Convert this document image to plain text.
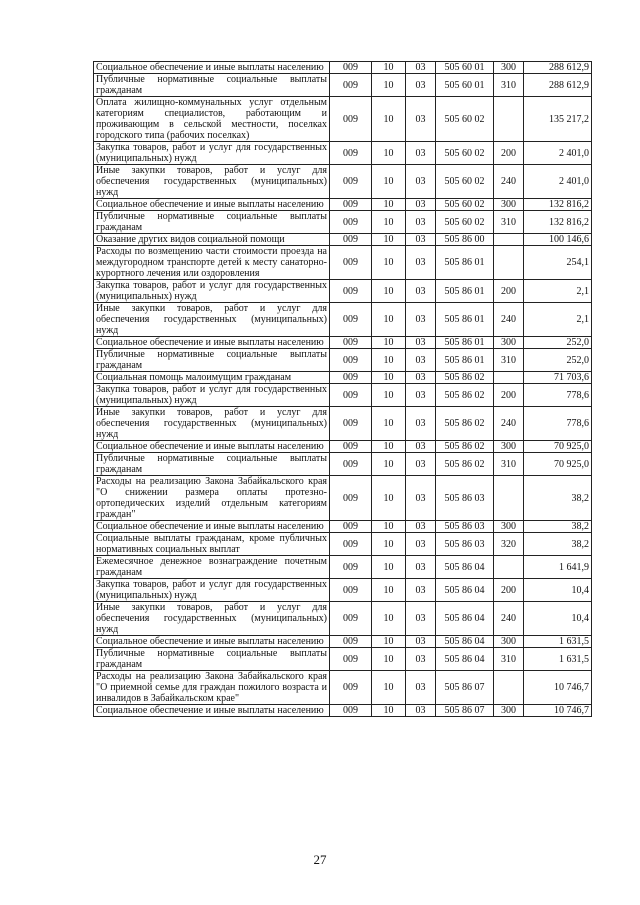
Социальное обеспечение и иные выплаты населению	009	10	03	505 60 01	300	288 612,9
Публичные нормативные социальные выплаты гражданам	009	10	03	505 60 01	310	288 612,9
Оплата жилищно-коммунальных услуг отдельным категориям специалистов, работающим и проживающим в сельской местности, поселках городского типа (рабочих поселках)	009	10	03	505 60 02		135 217,2
Закупка товаров, работ и услуг для государственных (муниципальных) нужд	009	10	03	505 60 02	200	2 401,0
Иные закупки товаров, работ и услуг для обеспечения государственных (муниципальных) нужд	009	10	03	505 60 02	240	2 401,0
Социальное обеспечение и иные выплаты населению	009	10	03	505 60 02	300	132 816,2
Публичные нормативные социальные выплаты гражданам	009	10	03	505 60 02	310	132 816,2
Оказание других видов социальной помощи	009	10	03	505 86 00		100 146,6
Расходы по возмещению части стоимости проезда на междугородном транспорте детей к месту санаторно-курортного лечения или оздоровления	009	10	03	505 86 01		254,1
Закупка товаров, работ и услуг для государственных (муниципальных) нужд	009	10	03	505 86 01	200	2,1
Иные закупки товаров, работ и услуг для обеспечения государственных (муниципальных) нужд	009	10	03	505 86 01	240	2,1
Социальное обеспечение и иные выплаты населению	009	10	03	505 86 01	300	252,0
Публичные нормативные социальные выплаты гражданам	009	10	03	505 86 01	310	252,0
Социальная помощь малоимущим гражданам	009	10	03	505 86 02		71 703,6
Закупка товаров, работ и услуг для государственных (муниципальных) нужд	009	10	03	505 86 02	200	778,6
Иные закупки товаров, работ и услуг для обеспечения государственных (муниципальных) нужд	009	10	03	505 86 02	240	778,6
Социальное обеспечение и иные выплаты населению	009	10	03	505 86 02	300	70 925,0
Публичные нормативные социальные выплаты гражданам	009	10	03	505 86 02	310	70 925,0
Расходы на реализацию Закона Забайкальского края "О снижении размера оплаты протезно-ортопедических изделий отдельным категориям граждан"	009	10	03	505 86 03		38,2
Социальное обеспечение и иные выплаты населению	009	10	03	505 86 03	300	38,2
Социальные выплаты гражданам, кроме публичных нормативных социальных выплат	009	10	03	505 86 03	320	38,2
Ежемесячное денежное вознаграждение почетным гражданам	009	10	03	505 86 04		1 641,9
Закупка товаров, работ и услуг для государственных (муниципальных) нужд	009	10	03	505 86 04	200	10,4
Иные закупки товаров, работ и услуг для обеспечения государственных (муниципальных) нужд	009	10	03	505 86 04	240	10,4
Социальное обеспечение и иные выплаты населению	009	10	03	505 86 04	300	1 631,5
Публичные нормативные социальные выплаты гражданам	009	10	03	505 86 04	310	1 631,5
Расходы на реализацию Закона Забайкальского края "О приемной семье для граждан пожилого возраста и инвалидов в Забайкальском крае"	009	10	03	505 86 07		10 746,7
Социальное обеспечение и иные выплаты населению	009	10	03	505 86 07	300	10 746,7
27
